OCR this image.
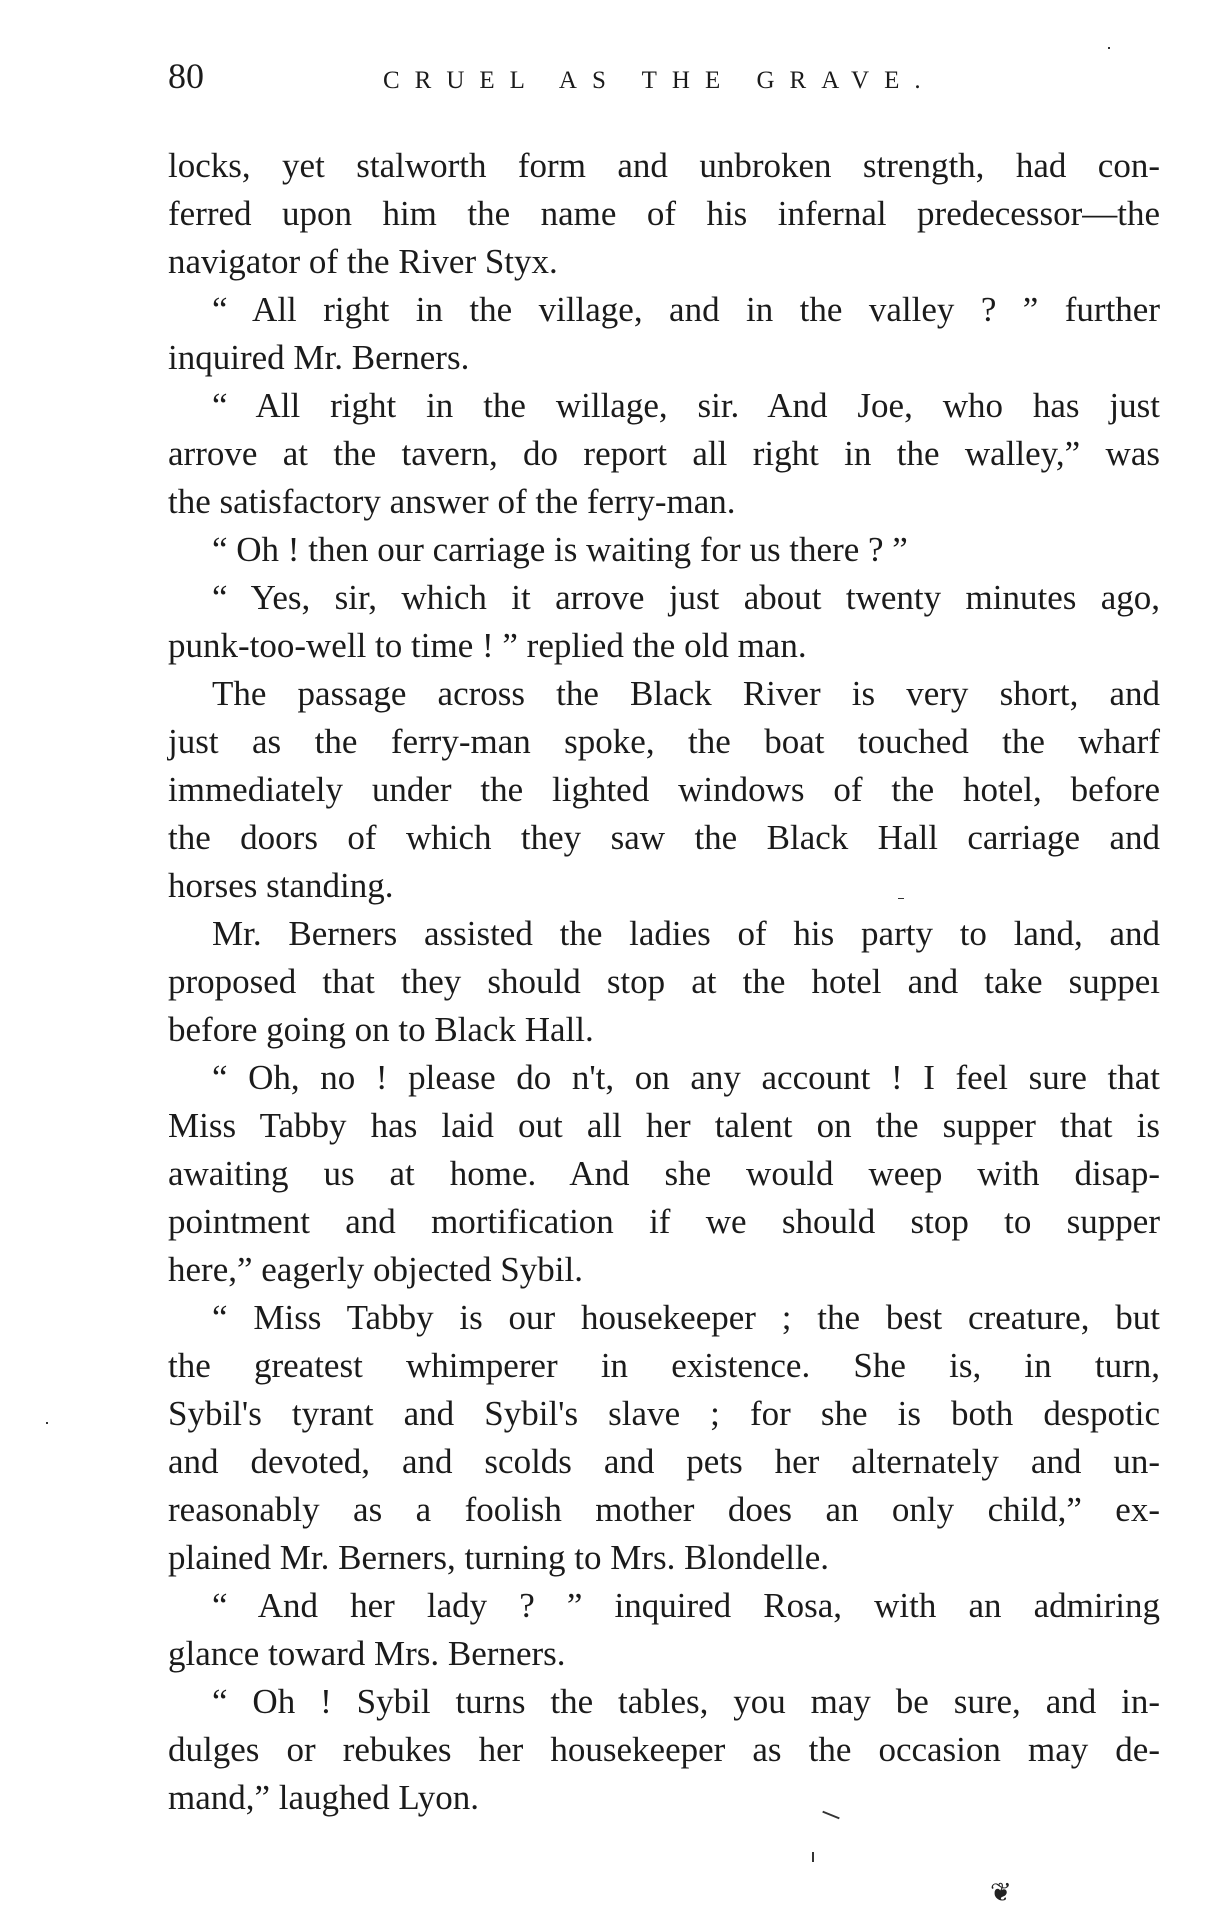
80	CRUEL AS THE GRAVE.
locks, yet stalworth form and unbroken strength, had con-
ferred upon him the name of his infernal predecessor—the
navigator of the River Styx.
“ All right in the village, and in the valley ? ” further
inquired Mr. Berners.
“ All right in the willage, sir. And Joe, who has just
arrove at the tavern, do report all right in the walley,” was
the satisfactory answer of the ferry-man.
“ Oh ! then our carriage is waiting for us there ? ”
“ Yes, sir, which it arrove just about twenty minutes ago,
punk-too-well to time ! ” replied the old man.
The passage across the Black River is very short, and
just as the ferry-man spoke, the boat touched the wharf
immediately under the lighted windows of the hotel, before
the doors of which they saw the Black Hall carriage and
horses standing.
Mr. Berners assisted the ladies of his party to land, and
proposed that they should stop at the hotel and take suppeı
before going on to Black Hall.
“ Oh, no ! please do n't, on any account ! I feel sure that
Miss Tabby has laid out all her talent on the supper that is
awaiting us at home. And she would weep with disap-
pointment and mortification if we should stop to supper
here,” eagerly objected Sybil.
“ Miss Tabby is our housekeeper ; the best creature, but
the greatest whimperer in existence. She is, in turn,
Sybil's tyrant and Sybil's slave ; for she is both despotic
and devoted, and scolds and pets her alternately and un-
reasonably as a foolish mother does an only child,” ex-
plained Mr. Berners, turning to Mrs. Blondelle.
“ And her lady ? ” inquired Rosa, with an admiring
glance toward Mrs. Berners.
“ Oh ! Sybil turns the tables, you may be sure, and in-
dulges or rebukes her housekeeper as the occasion may de-
mand,” laughed Lyon.
❦
